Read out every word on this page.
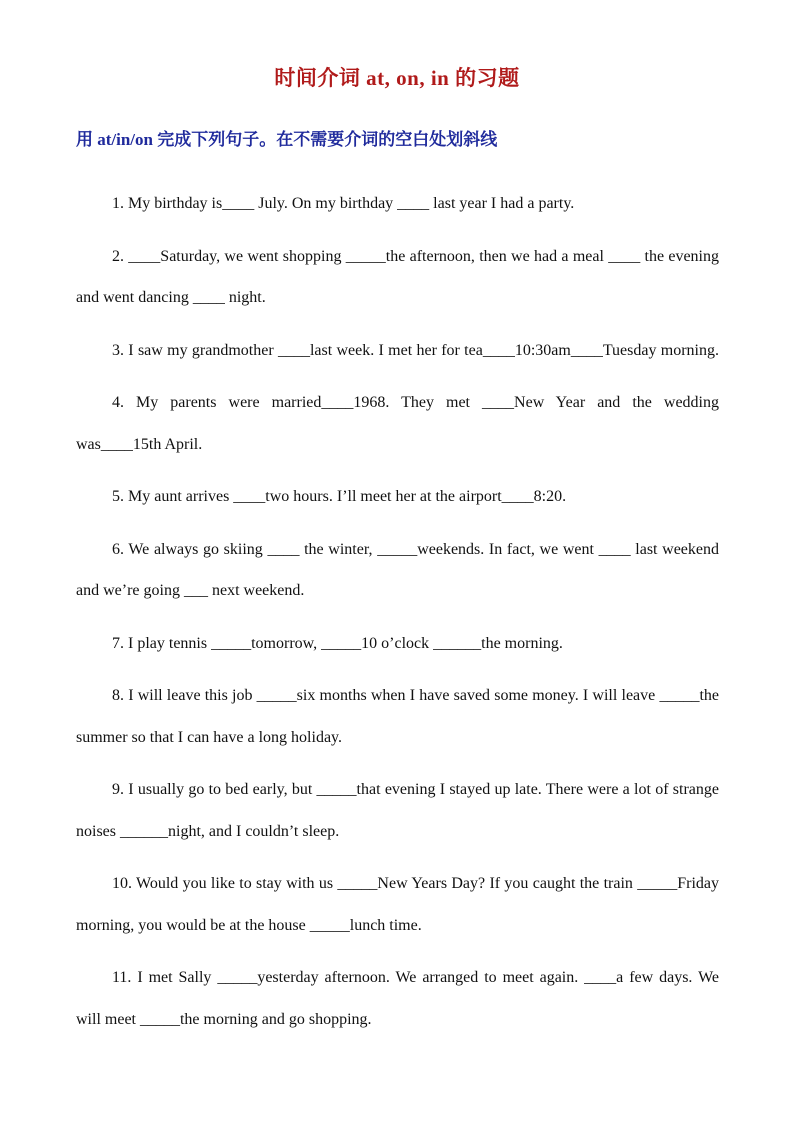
时间介词 at, on, in 的习题
用 at/in/on 完成下列句子。在不需要介词的空白处划斜线

1. My birthday is____ July. On my birthday ____ last year I had a party.

2. ____Saturday, we went shopping _____the afternoon, then we had a meal ____ the evening and went dancing ____ night.

3. I saw my grandmother ____last week. I met her for tea____10:30am____Tuesday morning.

4. My parents were married____1968. They met ____New Year and the wedding was____15th April.

5. My aunt arrives ____two hours. I’ll meet her at the airport____8:20.

6. We always go skiing ____ the winter, _____weekends. In fact, we went ____ last weekend and we’re going ___ next weekend.

7. I play tennis _____tomorrow, _____10 o’clock ______the morning.

8. I will leave this job _____six months when I have saved some money. I will leave _____the summer so that I can have a long holiday.

9. I usually go to bed early, but _____that evening I stayed up late. There were a lot of strange noises ______night, and I couldn’t sleep.

10. Would you like to stay with us _____New Years Day? If you caught the train _____Friday morning, you would be at the house _____lunch time.

11. I met Sally _____yesterday afternoon. We arranged to meet again. ____a few days. We will meet _____the morning and go shopping.
